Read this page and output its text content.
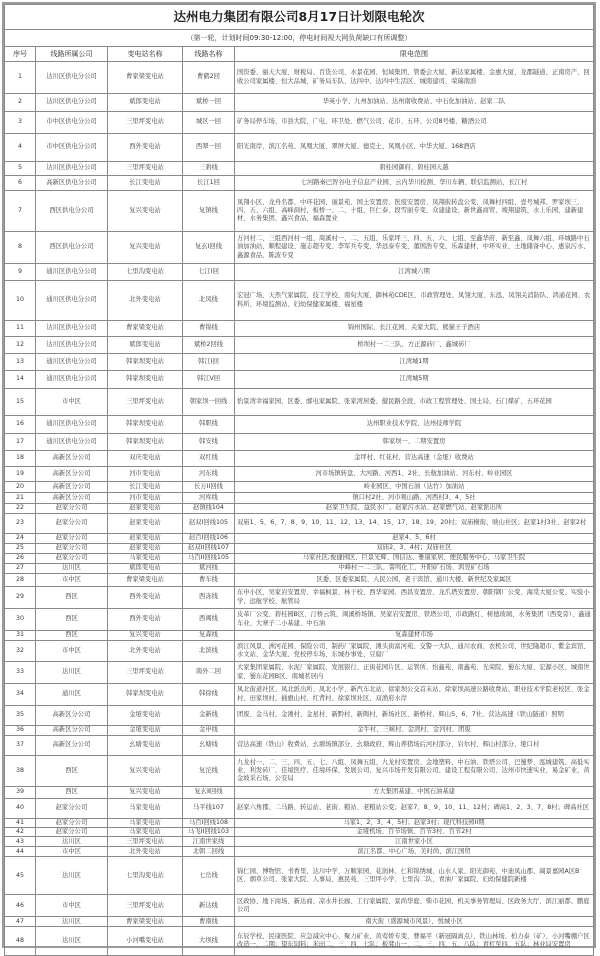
达州电力集团有限公司8月17日计划限电轮次				
（第一轮，计划时间09:30-12:00，停电时间视大网负荷缺口有所调整）				
序号	线路所属公司	变电站名称	线路名称	限电范围
1	达川区供电分公司	曹家梁变电站	曹鹤2回	国资委、丽天大厦、财税局、百货公司、水景花园、恒域集团、管委会大厦、新达家属楼、金惠大厦、龙郡隧道、正南房产、回收公司家属楼、恒大品城、矿务局车队、达四中、达四中生活区、城南建司、荣瑞南滨
2	达川区供电分公司	斌郎变电站	斌桥一回	华英小学、九州加油站、达州南收费站、中石化加油站、赵家二队
3	市中区供电分公司	三里坪变电站	城区一回	矿务局停车场、市县大院、广电、环卫处、燃气公司、花市、五环、公司8号楼、糖酒公司
4	市中区供电分公司	西外变电站	西翠一回	阳光南岸、滨江名苑、凤凰大厦、翠屏大厦、德克士、凤凰小区、中华大厦、168酒店
5	达川区供电分公司	三里坪变电站	三碧线	碧桂园御府、碧桂园天越
6	高新区供电分公司	长江变电站	长江1回	七河路秦巴智谷电子信息产业园、云内华川检测、华川车辆、联信监测站、长江村
7	西区供电分公司	复兴变电站	复镇线	凤翔小区、龙舟名都、中环花园、丽景苑、国土安置房、医废安置房、凤翔街转盘公变、凤舞村四组、壹号城邦、罗家坝三、四、五、六组、高峰洞村、板桥一、二、十组、巨仁泰、段雪丽专变、众建建设、新世鑫商贸、竣翔建筑、水上乐园、建新建材、水务集团、鑫兴食品、福森置业
8	西区供电分公司	复兴变电站	复玄Ⅰ回线	万河村二、三组西河村一组、周溪村一、二、五组、乐家坪三、四、五、六、七组、至鑫华府、新至鑫、凤舞六组、环城路中石油加油站、顺程建设、施志超专变、李军兵专变、华远泰专变、董国浩专变、乐森建材、中环实业、土地储备中心、惠泉污水、鑫源食品、陈波专变
9	通川区供电分公司	七里沟变电站	七江Ⅰ回	江湾城六期
10	通川区供电分公司	北外变电站	北凤线	宏冠广场、天然气家属院、技工学校、南旬大厦、御林苑CDE区、市政管理处、凤翎大厦、东泓、凤翎关消防队、鸿通花园、农科所、环境监测站、妇幼保健家属楼、福星楼
11	达川区供电分公司	曹家梁变电站	曹锦线	锦州国际、长江花园、关家大院、熊猫王子酒店
12	达川区供电分公司	斌郎变电站	斌桥2回线	桥坝村一二三队、方正源砖厂、鑫城砖厂
13	通川区供电分公司	韩家坝变电站	韩江Ⅰ回	江湾城1期
14	通川区供电分公司	韩家坝变电站	韩江Ⅴ回	江湾城5期
15	市中区	三里坪变电站	朝家坝一回线	怡景湾幸福家园、区委、邮电家属院、张家湾居委、健民路全段、市政工程管理处、国土局、石门煤矿、五环花园
16	通川区供电分公司	韩家坝变电站	韩职线	达州职业技术学院、达州技师学院
17	通川区供电分公司	韩家坝变电站	韩安线	韩家坝一、二期安置房
18	高新区分公司	双庆变电站	双红线	金坪村、红花村、营达高速（金垭）收费站
19	高新区分公司	河市变电站	河东线	河市场镇转盘、大河路、河西1、2社、长航加油站、河东村、岭业园区
20	高新区分公司	长江变电站	长万II回线	岭业园区、中国石油（达竹）加油站
21	高新区分公司	河市变电站	河库线	镇口村2社、河市观山路、河西村3、4、5社
22	赵家分公司	赵家变电站	赵镇线104	赵家卫生院、益民水厂、赵家污水站、赵家燃气站、赵家派出所
23	赵家分公司	赵家变电站	赵双I回线105	双庙1、5、6、7、8、9、10、11、12、13、14、15、17、18、19、20村；双庙横街、映山社区；赵家1村3社、赵家2村
24	赵家分公司	赵家变电站	赵百I回线106	赵家4、5、6村
25	赵家分公司	赵家变电站	赵双II回线107	双庙2、3、4村；双庙社区
26	赵家分公司	马家变电站	马百II回线105	马家社区;俊捷园区、巨景光辉、国信达、雅康家居、便民服务中心、马家卫生院
27	达川区	斌郎变电站	斌河线	中峰村一二三队、雷鸣化工、升阳矿石场、鸿昱矿石场
28	市中区	曹家梁变电站	曹车线	区委、区委家属院、人民公园、老干宾馆、通川大楼、新世纪及家属区
29	西区	西外变电站	西冻线	东申小区、吴家岩安置房、幸福枫景、林干校、西华家园、西昌安置房、龙爪塔安置房、朝阳钢厂公变、海棠大厦公变、实验小学、远航学校、航管局
30	西区	西外变电站	西闽线	皮革厂公变、碧桂园B区、汀桥云筑、闽溪桥场镇、吴家岩安置房、铁塔公司、市政路灯、树德玻璃、水务集团（西变旁）、鑫通车业、大寨子二小基建、中石油
31	西区	复兴变电站	复森线	复森建材市场
32	市中区	北外变电站	北滨线	滨江风景、洲河花园、保险公司、制药厂家属院、滩头街富河苑、交警一大队、通川农商、农机公司、世纪隆超市、紫金宾馆、水文站、金华大厦、党校停车场、东城办事处、豆腐厂
33	达川区	三里坪变电站	南外二回	大家集团家属院、水泥厂家属院、发展银行、正街花园片区、运管所、怡鑫苑、南鑫苑、光荣院、蜀东大厦、宏源小区、城南世家、蜀东花园B区、南城茗居内
34	通川区	韩家坝变电站	韩徐线	凤北街道社区、凤北派出所、凤北小学、新汽车北站、徐家坝公交首末站、徐家坝高速公路收费站、职业技术学院老校区、张金村、田家坝村、插旗山村、红背村、徐家坝社区、双渔府水岸
35	高新区分公司	金垭变电站	金新线	团废、金马村、金滩村、金星村、新黔村、新陶村、新场社区、新桥村、辉山5、6、7社、营达高速（铁山隧道）照明
36	高新区分公司	金垭变电站	金申线	金牛村、三峡村、金湾村、金河村、团废
37	高新区分公司	幺塘变电站	幺塘线	营达高速（铁山）收费站、幺塘场镇部分、幺塘政府、辉山养猪场后河村部分、岩尔村、辉山村部分、垭口村
38	西区	复兴变电站	复沱线	九龙村一、二、三、四、五、七、八组、凤舞五组、九龙村安置房、金地塑料、中石油、铁塔公司、巴蜀梦、泓城建筑、高低实业、利发砖厂、佳境医疗、佳境环保、发展公司、复兴市场开发有限公司、建设工程有限公司、达州市快速实业、易金矿业、黄金坡采石场、公安局
39	西区	复兴变电站	复玄Ⅱ回线	方大集团基建、中国石油基建
40	赵家分公司	马家变电站	马平线107	赵家六角郡、二马路、转运站、老街、粮站、老粮站公变；赵家7、8、9、10、11、12村；碑高1、2、3、7、8村；碑高社区
41	赵家分公司	马家变电站	马百I回线108	马家1、2、3、4、5村；赵家3村；现代科技园II期
42	赵家分公司	马家变电站	马飞II回线103	金垭机场、百节场镇、百节3村、百节2村
43	达川区	三里坪变电站	江南世家线	江南世家小区
44	市中区	北外变电站	北朝二回线	滨江名都、中心广场、美时尚、滨江国贸
45	达川区	七里沟变电站	七岳线	锦仁园、博物馆、书香里、达川中学、万顺家园、花润林、仁和锦绣城、山水人家、阳光御苑、中迪凤山郡、阔景嘉园A区B区、烟草公司、张家大院、人事局、惠民苑、三里坪小学、七里沟二队、青油厂家属院、妇幼保健院新楼
46	市中区	三里坪变电站	新达线	区政协、地下商场、新达商、凉水井长廊、工行家属院、景尚华庭、柴市花园、机关事务管理局、区政务大厅、滨江丽都、鹏庭公司
47	达川区	曹家梁变电站	曹南线	南大街（盛源城市风景）、悦城小区
48	达川区	小河嘴变电站	大坝线	东辰学校、民康医院、应急减灾中心、聚力矿业、黄莺娇专变、曹福平（新冠隔离点）、铁山林场、柏力泰（矿）、小河嘴棚户区改造一、二期；望东饲料；米田二、三、四、七队；板凳山一、二、三、四、五、八队；青杠至四、五队；林业局安置房
